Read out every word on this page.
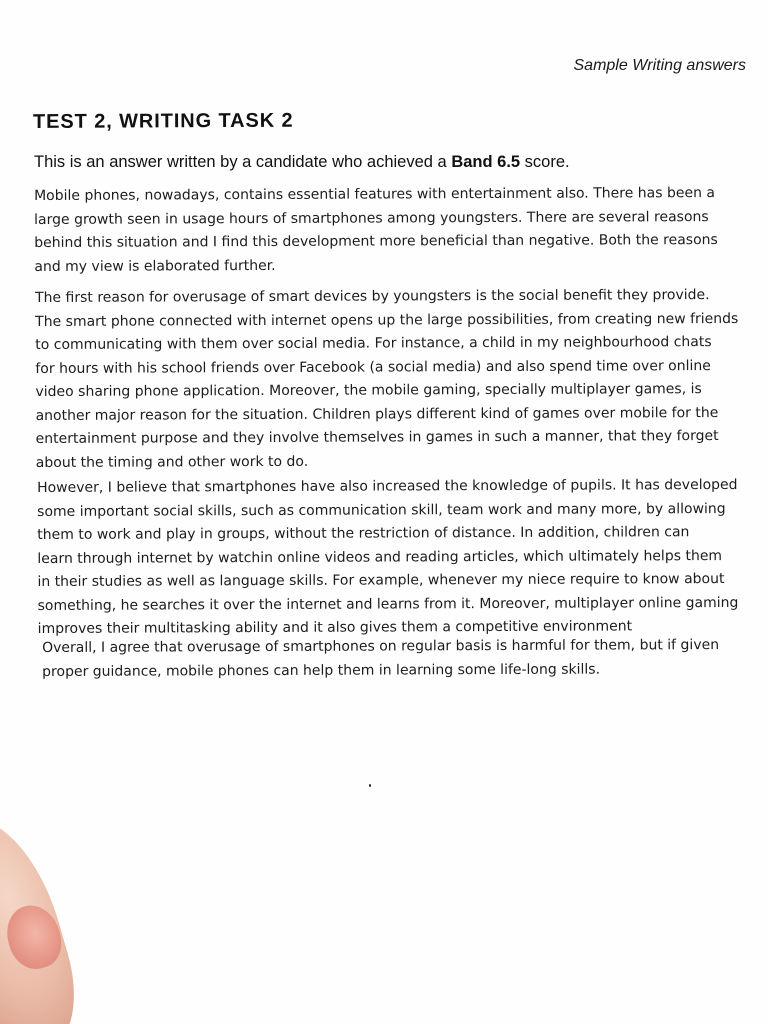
Sample Writing answers
TEST 2, WRITING TASK 2
This is an answer written by a candidate who achieved a Band 6.5 score.
Mobile phones, nowadays, contains essential features with entertainment also. There has been a
large growth seen in usage hours of smartphones among youngsters. There are several reasons
behind this situation and I find this development more beneficial than negative. Both the reasons
and my view is elaborated further.
The first reason for overusage of smart devices by youngsters is the social benefit they provide.
The smart phone connected with internet opens up the large possibilities, from creating new friends
to communicating with them over social media. For instance, a child in my neighbourhood chats
for hours with his school friends over Facebook (a social media) and also spend time over online
video sharing phone application. Moreover, the mobile gaming, specially multiplayer games, is
another major reason for the situation. Children plays different kind of games over mobile for the
entertainment purpose and they involve themselves in games in such a manner, that they forget
about the timing and other work to do.
However, I believe that smartphones have also increased the knowledge of pupils. It has developed
some important social skills, such as communication skill, team work and many more, by allowing
them to work and play in groups, without the restriction of distance. In addition, children can
learn through internet by watchin online videos and reading articles, which ultimately helps them
in their studies as well as language skills. For example, whenever my niece require to know about
something, he searches it over the internet and learns from it. Moreover, multiplayer online gaming
improves their multitasking ability and it also gives them a competitive environment
Overall, I agree that overusage of smartphones on regular basis is harmful for them, but if given
proper guidance, mobile phones can help them in learning some life-long skills.
